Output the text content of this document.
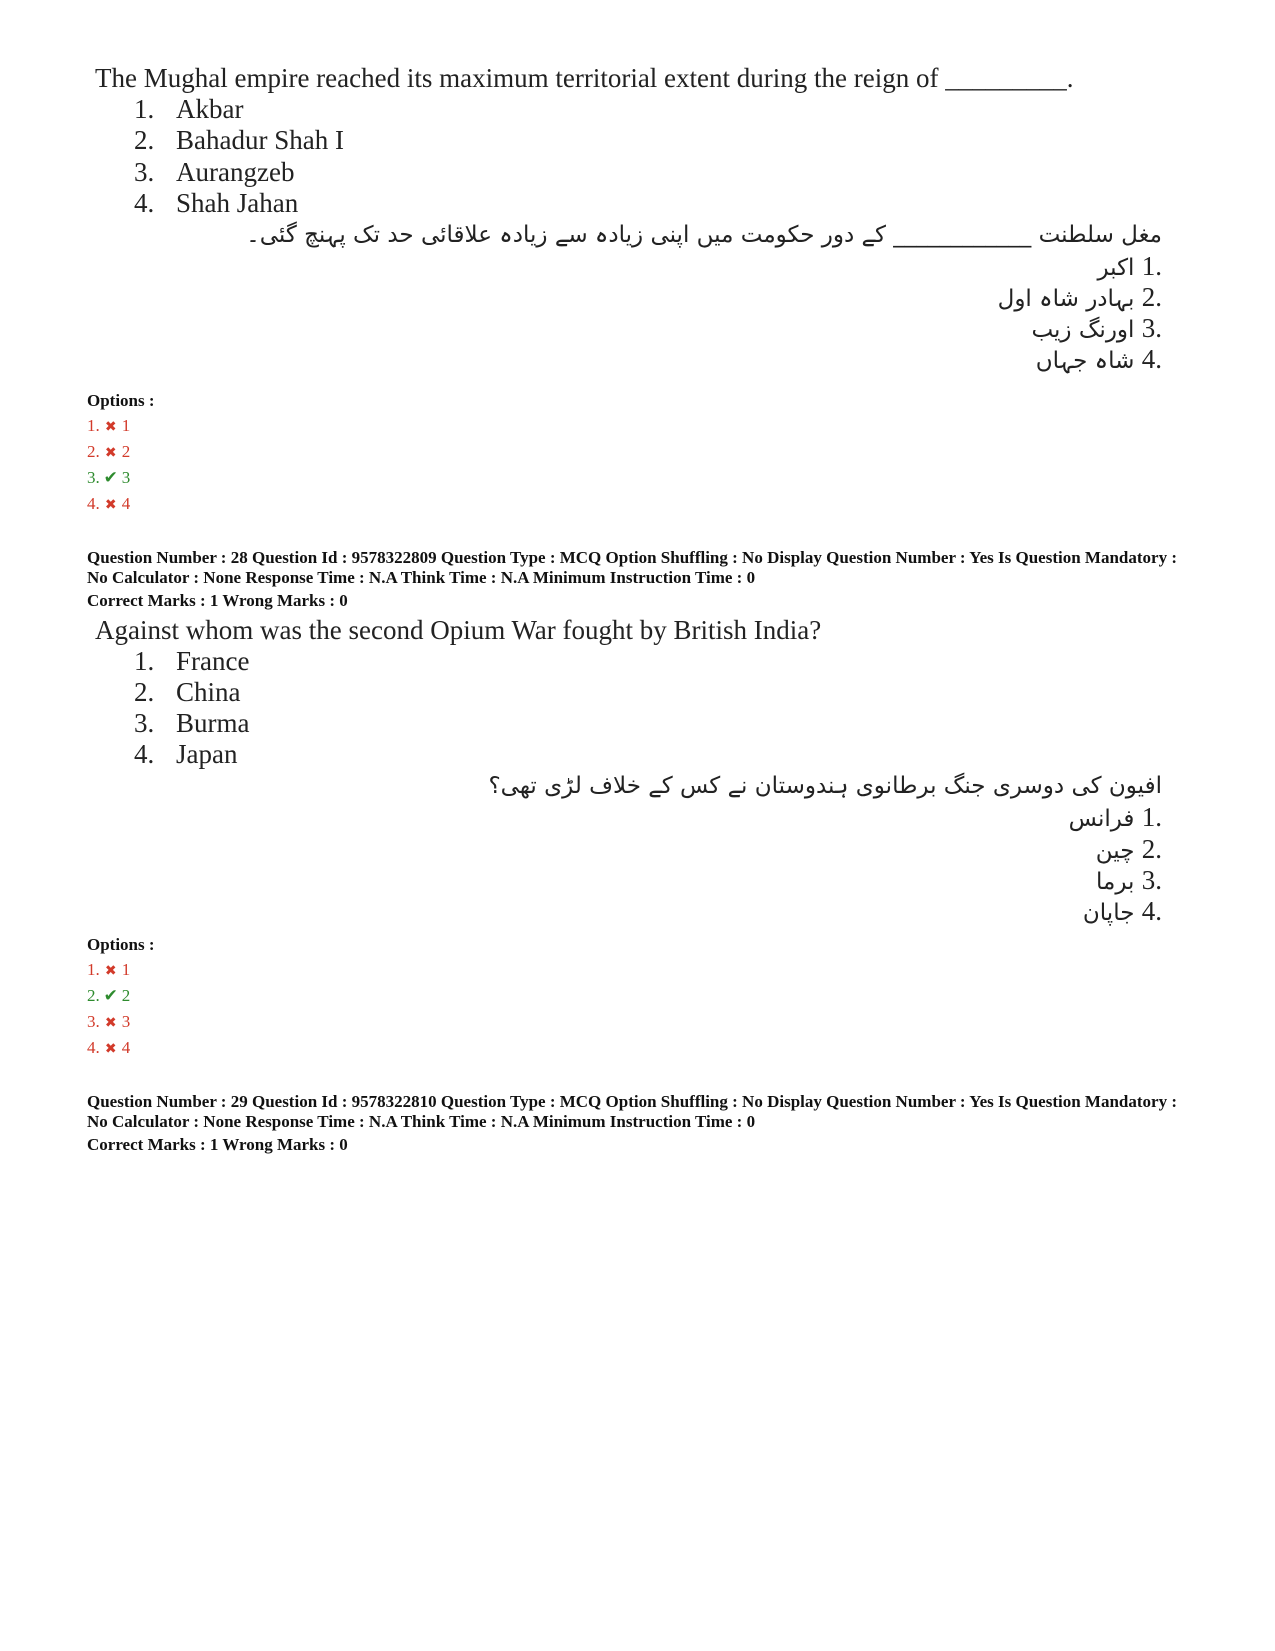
The Mughal empire reached its maximum territorial extent during the reign of _________.
1. Akbar
2. Bahadur Shah I
3. Aurangzeb
4. Shah Jahan
مغل سلطنت ____________ کے دور حکومت میں اپنی زیادہ سے زیادہ علاقائی حد تک پہنچ گئی۔
.1 اکبر
.2 بہادر شاہ اول
.3 اورنگ زیب
.4 شاہ جہاں
Options :
1. ✖ 1
2. ✖ 2
3. ✔ 3
4. ✖ 4
Question Number : 28 Question Id : 9578322809 Question Type : MCQ Option Shuffling : No Display Question Number : Yes Is Question Mandatory : No Calculator : None Response Time : N.A Think Time : N.A Minimum Instruction Time : 0
Correct Marks : 1 Wrong Marks : 0
Against whom was the second Opium War fought by British India?
1. France
2. China
3. Burma
4. Japan
افیون کی دوسری جنگ برطانوی ہندوستان نے کس کے خلاف لڑی تھی؟
.1 فرانس
.2 چین
.3 برما
.4 جاپان
Options :
1. ✖ 1
2. ✔ 2
3. ✖ 3
4. ✖ 4
Question Number : 29 Question Id : 9578322810 Question Type : MCQ Option Shuffling : No Display Question Number : Yes Is Question Mandatory : No Calculator : None Response Time : N.A Think Time : N.A Minimum Instruction Time : 0
Correct Marks : 1 Wrong Marks : 0
